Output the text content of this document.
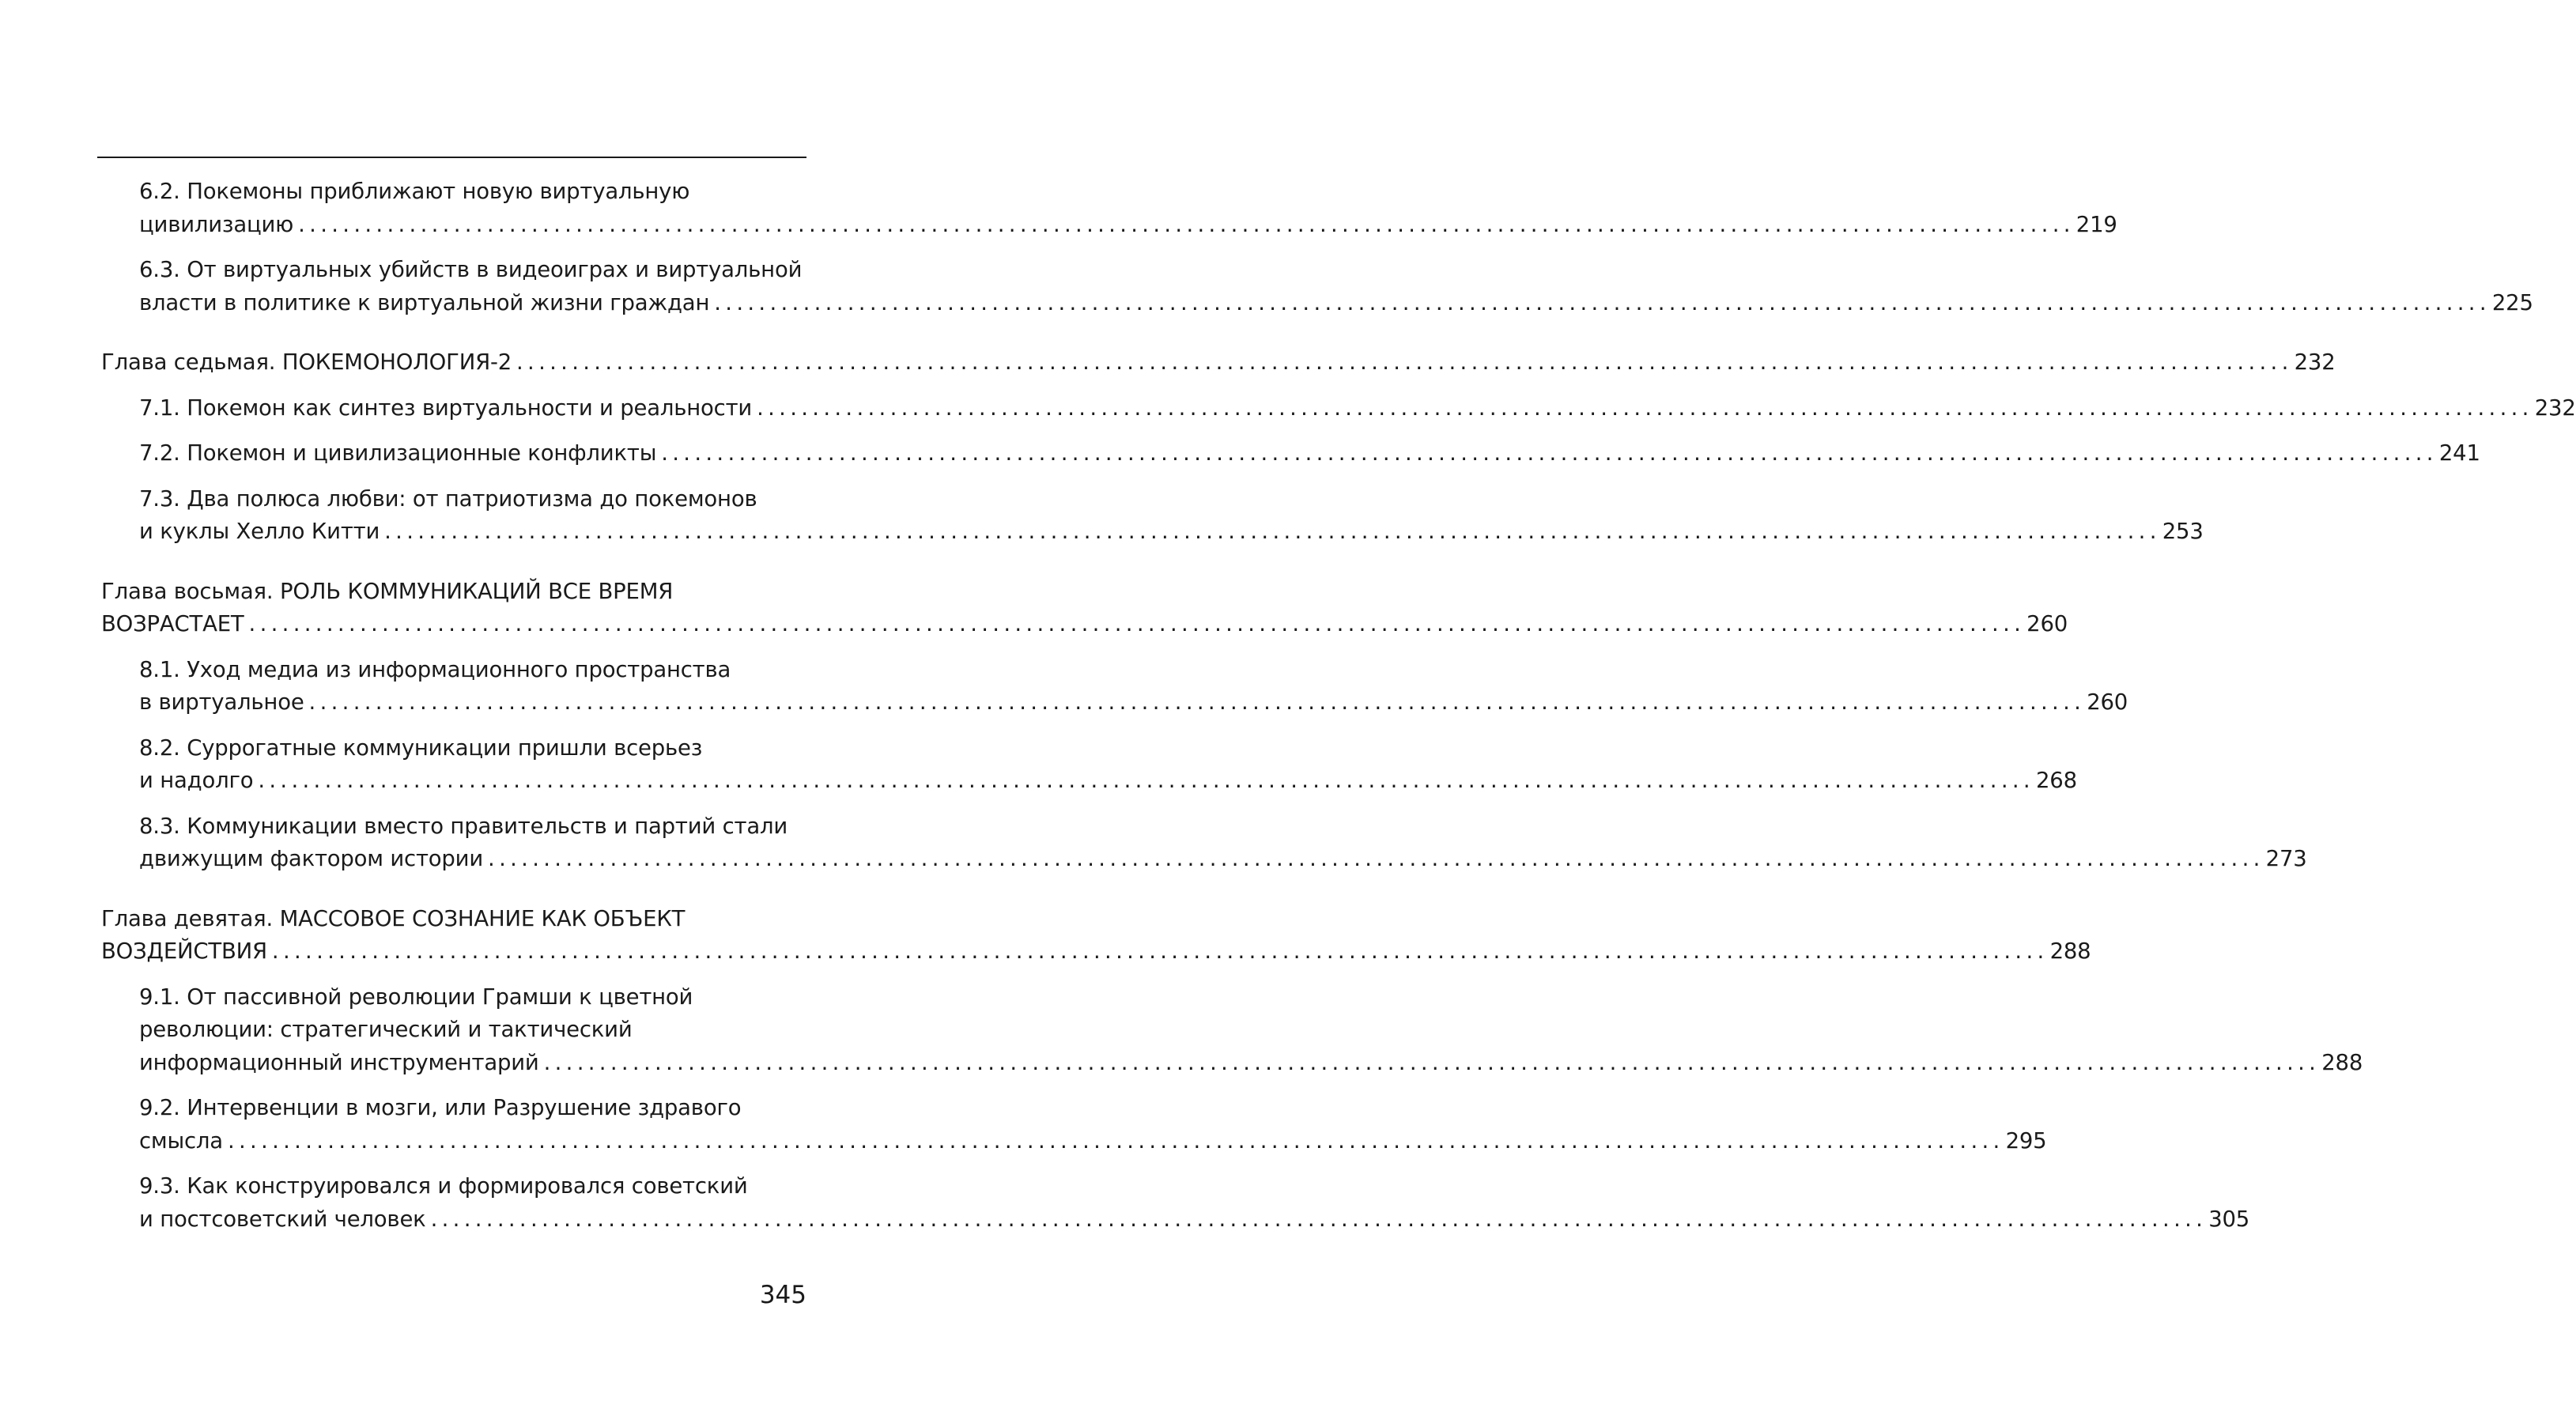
6.2. Покемоны приближают новую виртуальную
цивилизацию ................................................................................................................................................................ 219
6.3. От виртуальных убийств в видеоиграх и виртуальной
власти в политике к виртуальной жизни граждан ................................................................................................................................................................ 225
Глава седьмая. ПОКЕМОНОЛОГИЯ-2 ................................................................................................................................................................ 232
7.1. Покемон как синтез виртуальности и реальности ................................................................................................................................................................ 232
7.2. Покемон и цивилизационные конфликты ................................................................................................................................................................ 241
7.3. Два полюса любви: от патриотизма до покемонов
и куклы Хелло Китти ................................................................................................................................................................ 253
Глава восьмая. РОЛЬ КОММУНИКАЦИЙ ВСЕ ВРЕМЯ
ВОЗРАСТАЕТ ................................................................................................................................................................ 260
8.1. Уход медиа из информационного пространства
в виртуальное ................................................................................................................................................................ 260
8.2. Суррогатные коммуникации пришли всерьез
и надолго ................................................................................................................................................................ 268
8.3. Коммуникации вместо правительств и партий стали
движущим фактором истории ................................................................................................................................................................ 273
Глава девятая. МАССОВОЕ СОЗНАНИЕ КАК ОБЪЕКТ
ВОЗДЕЙСТВИЯ ................................................................................................................................................................ 288
9.1. От пассивной революции Грамши к цветной
революции: стратегический и тактический
информационный инструментарий ................................................................................................................................................................ 288
9.2. Интервенции в мозги, или Разрушение здравого
смысла ................................................................................................................................................................ 295
9.3. Как конструировался и формировался советский
и постсоветский человек ................................................................................................................................................................ 305
345
